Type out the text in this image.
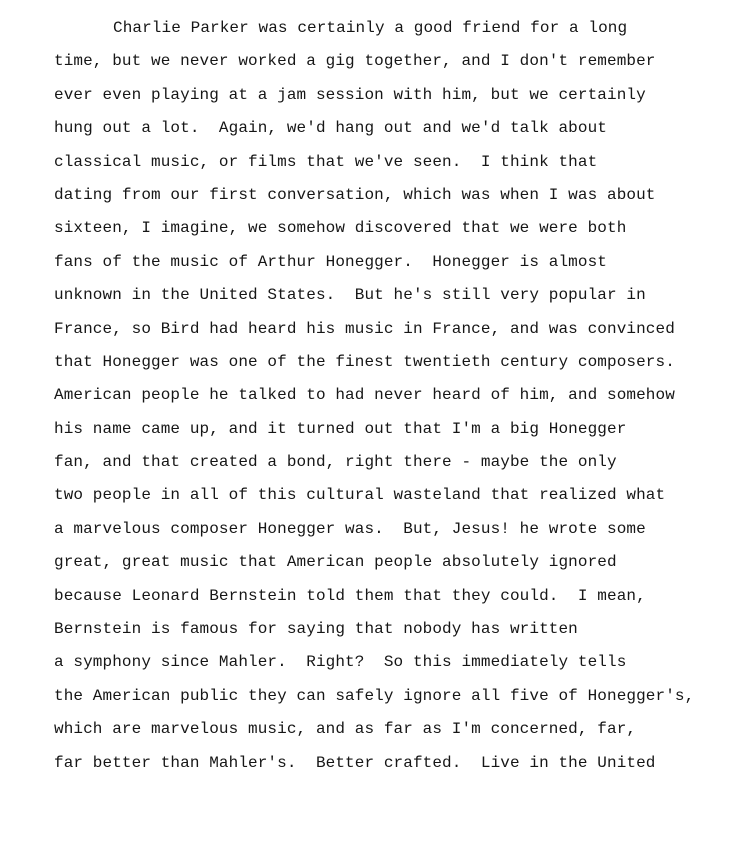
Charlie Parker was certainly a good friend for a long
time, but we never worked a gig together, and I don't remember
ever even playing at a jam session with him, but we certainly
hung out a lot.  Again, we'd hang out and we'd talk about
classical music, or films that we've seen.  I think that
dating from our first conversation, which was when I was about
sixteen, I imagine, we somehow discovered that we were both
fans of the music of Arthur Honegger.  Honegger is almost
unknown in the United States.  But he's still very popular in
France, so Bird had heard his music in France, and was convinced
that Honegger was one of the finest twentieth century composers.
American people he talked to had never heard of him, and somehow
his name came up, and it turned out that I'm a big Honegger
fan, and that created a bond, right there - maybe the only
two people in all of this cultural wasteland that realized what
a marvelous composer Honegger was.  But, Jesus! he wrote some
great, great music that American people absolutely ignored
because Leonard Bernstein told them that they could.  I mean,
Bernstein is famous for saying that nobody has written
a symphony since Mahler.  Right?  So this immediately tells
the American public they can safely ignore all five of Honegger's,
which are marvelous music, and as far as I'm concerned, far,
far better than Mahler's.  Better crafted.  Live in the United
